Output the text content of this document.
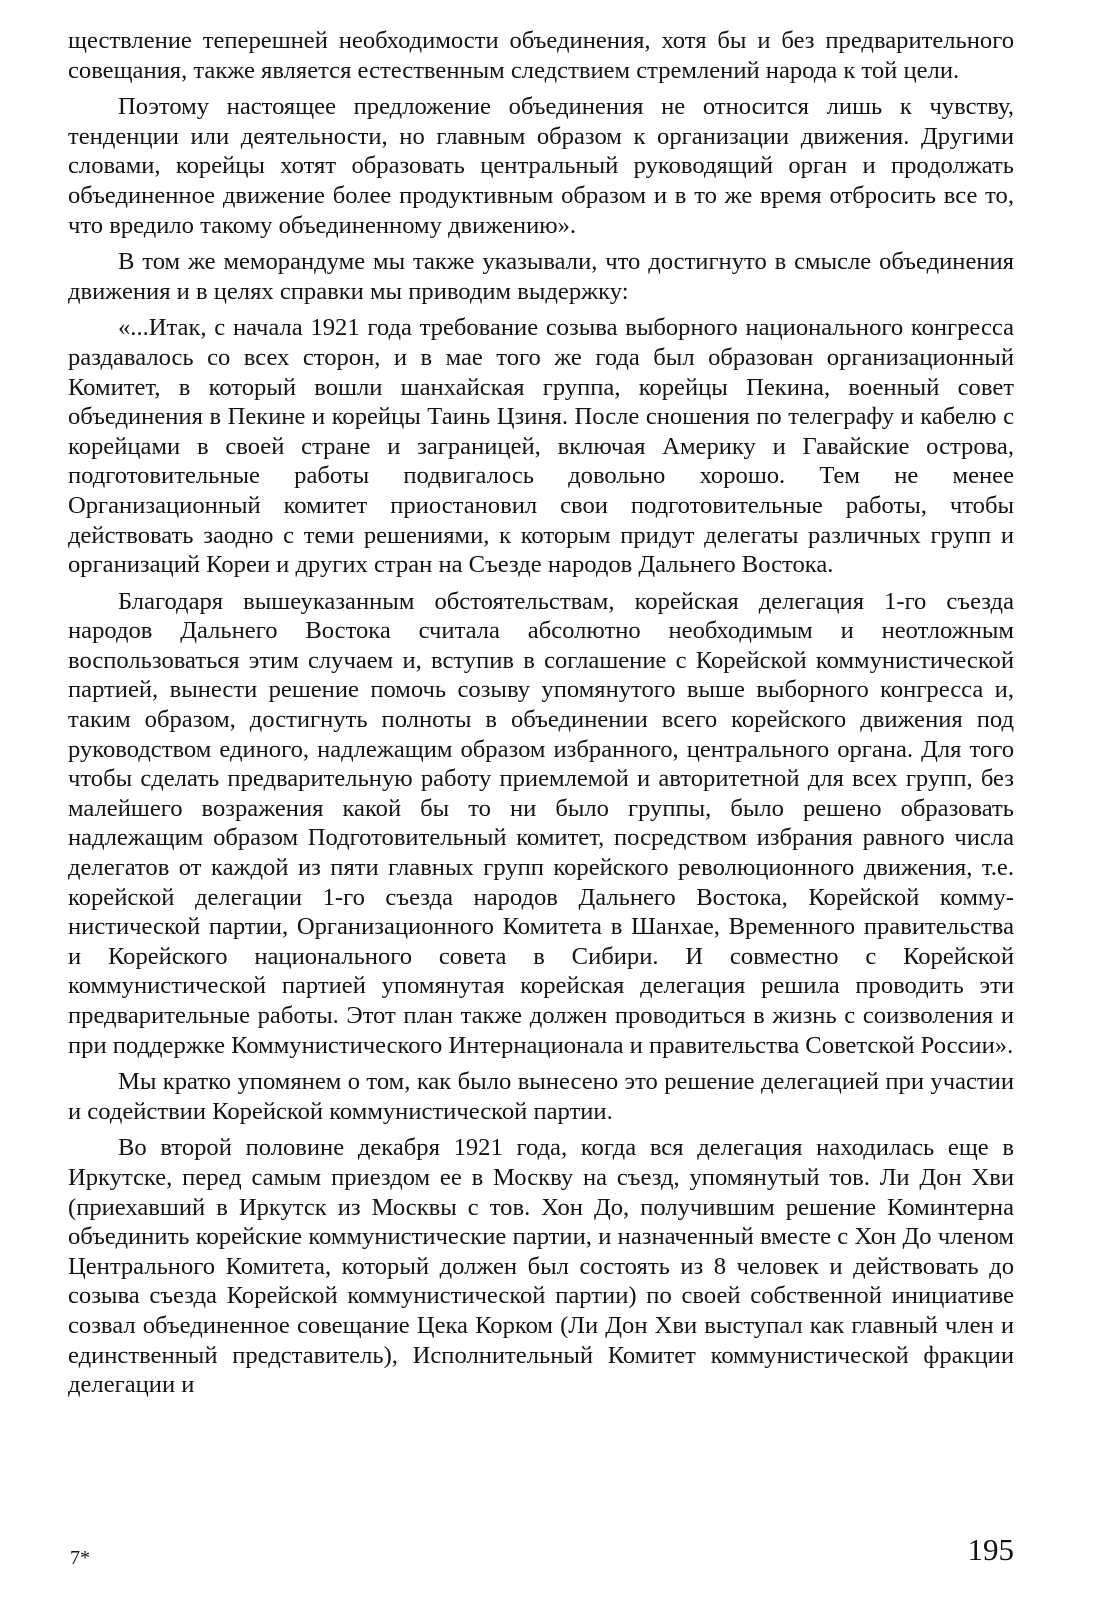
ществление теперешней необходимости объединения, хотя бы и без предварительного совещания, также является естественным следствием стремлений народа к той цели.

Поэтому настоящее предложение объединения не относится лишь к чувству, тенденции или деятельности, но главным образом к организации движения. Другими словами, корейцы хотят образовать центральный руководящий орган и продолжать объединенное движение более продуктивным образом и в то же время отбросить все то, что вредило такому объединенному движению».

В том же меморандуме мы также указывали, что достигнуто в смысле объединения движения и в целях справки мы приводим выдержку:

«...Итак, с начала 1921 года требование созыва выборного национального конгресса раздавалось со всех сторон, и в мае того же года был образован организационный Комитет, в который вошли шанхайская группа, корейцы Пекина, военный совет объединения в Пекине и корейцы Таинь Цзиня. После сношения по телеграфу и кабелю с корейцами в своей стране и заграницей, включая Америку и Гавайские острова, подготовительные работы подвигалось довольно хорошо. Тем не менее Организационный комитет приостановил свои подготовительные работы, чтобы действовать заодно с теми решениями, к которым придут делегаты различных групп и организаций Кореи и других стран на Съезде народов Дальнего Востока.

Благодаря вышеуказанным обстоятельствам, корейская делегация 1-го съезда народов Дальнего Востока считала абсолютно необходимым и неотложным воспользоваться этим случаем и, вступив в соглашение с Корейской коммунистической партией, вынести решение помочь созыву упомянутого выше выборного конгресса и, таким образом, достигнуть полноты в объединении всего корейского движения под руководством единого, надлежащим образом избранного, центрального органа. Для того чтобы сделать предварительную работу приемлемой и авторитетной для всех групп, без малейшего возражения какой бы то ни было группы, было решено образовать надлежащим образом Подготовительный комитет, посредством избрания равного числа делегатов от каждой из пяти главных групп корейского революционного движения, т.е. корейской делегации 1-го съезда народов Дальнего Востока, Корейской коммунистической партии, Организационного Комитета в Шанхае, Временного правительства и Корейского национального совета в Сибири. И совместно с Корейской коммунистической партией упомянутая корейская делегация решила проводить эти предварительные работы. Этот план также должен проводиться в жизнь с соизволения и при поддержке Коммунистического Интернационала и правительства Советской России».

Мы кратко упомянем о том, как было вынесено это решение делегацией при участии и содействии Корейской коммунистической партии.

Во второй половине декабря 1921 года, когда вся делегация находилась еще в Иркутске, перед самым приездом ее в Москву на съезд, упомянутый тов. Ли Дон Хви (приехавший в Иркутск из Москвы с тов. Хон До, получившим решение Коминтерна объединить корейские коммунистические партии, и назначенный вместе с Хон До членом Центрального Комитета, который должен был состоять из 8 человек и действовать до созыва съезда Корейской коммунистической партии) по своей собственной инициативе созвал объединенное совещание Цека Корком (Ли Дон Хви выступал как главный член и единственный представитель), Исполнительный Комитет коммунистической фракции делегации и

7*	195
